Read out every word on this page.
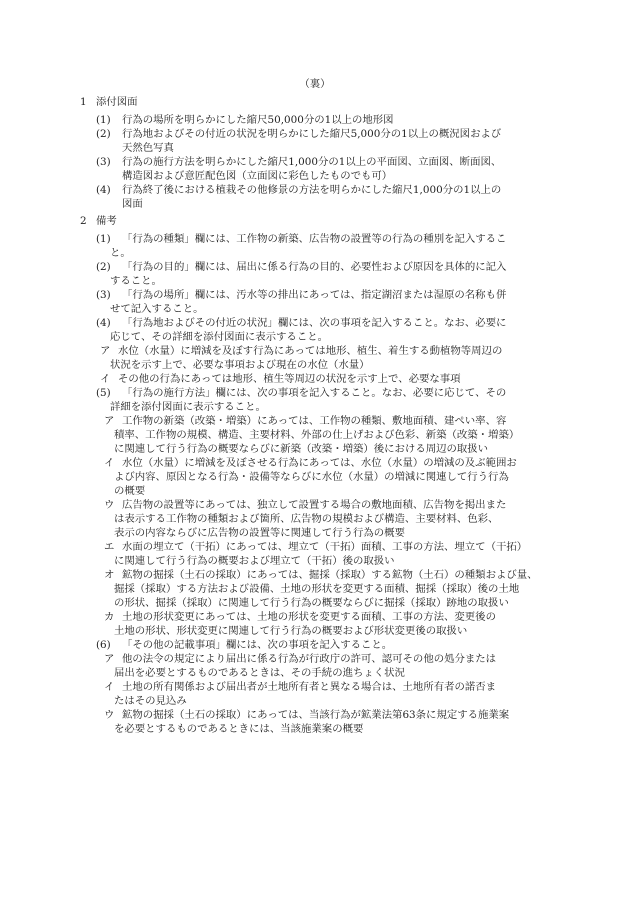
（裏）
1 添付図面
(1) 行為の場所を明らかにした縮尺50,000分の1以上の地形図
(2) 行為地およびその付近の状況を明らかにした縮尺5,000分の1以上の概況図および
天然色写真
(3) 行為の施行方法を明らかにした縮尺1,000分の1以上の平面図、立面図、断面図、
構造図および意匠配色図（立面図に彩色したものでも可）
(4) 行為終了後における植栽その他修景の方法を明らかにした縮尺1,000分の1以上の
図面
2 備考
(1) 「行為の種類」欄には、工作物の新築、広告物の設置等の行為の種別を記入するこ
と。
(2) 「行為の目的」欄には、届出に係る行為の目的、必要性および原因を具体的に記入
すること。
(3) 「行為の場所」欄には、汚水等の排出にあっては、指定湖沼または湿原の名称も併
せて記入すること。
(4) 「行為地およびその付近の状況」欄には、次の事項を記入すること。なお、必要に
応じて、その詳細を添付図面に表示すること。
ア 水位（水量）に増減を及ぼす行為にあっては地形、植生、着生する動植物等周辺の
状況を示す上で、必要な事項および現在の水位（水量）
イ その他の行為にあっては地形、植生等周辺の状況を示す上で、必要な事項
(5) 「行為の施行方法」欄には、次の事項を記入すること。なお、必要に応じて、その
詳細を添付図面に表示すること。
ア 工作物の新築（改築・増築）にあっては、工作物の種類、敷地面積、建ぺい率、容
積率、工作物の規模、構造、主要材料、外部の仕上げおよび色彩、新築（改築・増築）
に関連して行う行為の概要ならびに新築（改築・増築）後における周辺の取扱い
イ 水位（水量）に増減を及ぼさせる行為にあっては、水位（水量）の増減の及ぶ範囲お
よび内容、原因となる行為・設備等ならびに水位（水量）の増減に関連して行う行為
の概要
ウ 広告物の設置等にあっては、独立して設置する場合の敷地面積、広告物を掲出また
は表示する工作物の種類および箇所、広告物の規模および構造、主要材料、色彩、
表示の内容ならびに広告物の設置等に関連して行う行為の概要
エ 水面の埋立て（干拓）にあっては、埋立て（干拓）面積、工事の方法、埋立て（干拓）
に関連して行う行為の概要および埋立て（干拓）後の取扱い
オ 鉱物の掘採（土石の採取）にあっては、掘採（採取）する鉱物（土石）の種類および量、
掘採（採取）する方法および設備、土地の形状を変更する面積、掘採（採取）後の土地
の形状、掘採（採取）に関連して行う行為の概要ならびに掘採（採取）跡地の取扱い
カ 土地の形状変更にあっては、土地の形状を変更する面積、工事の方法、変更後の
土地の形状、形状変更に関連して行う行為の概要および形状変更後の取扱い
(6) 「その他の記載事項」欄には、次の事項を記入すること。
ア 他の法令の規定により届出に係る行為が行政庁の許可、認可その他の処分または
届出を必要とするものであるときは、その手続の進ちょく状況
イ 土地の所有関係および届出者が土地所有者と異なる場合は、土地所有者の諾否ま
たはその見込み
ウ 鉱物の掘採（土石の採取）にあっては、当該行為が鉱業法第63条に規定する施業案
を必要とするものであるときには、当該施業案の概要
